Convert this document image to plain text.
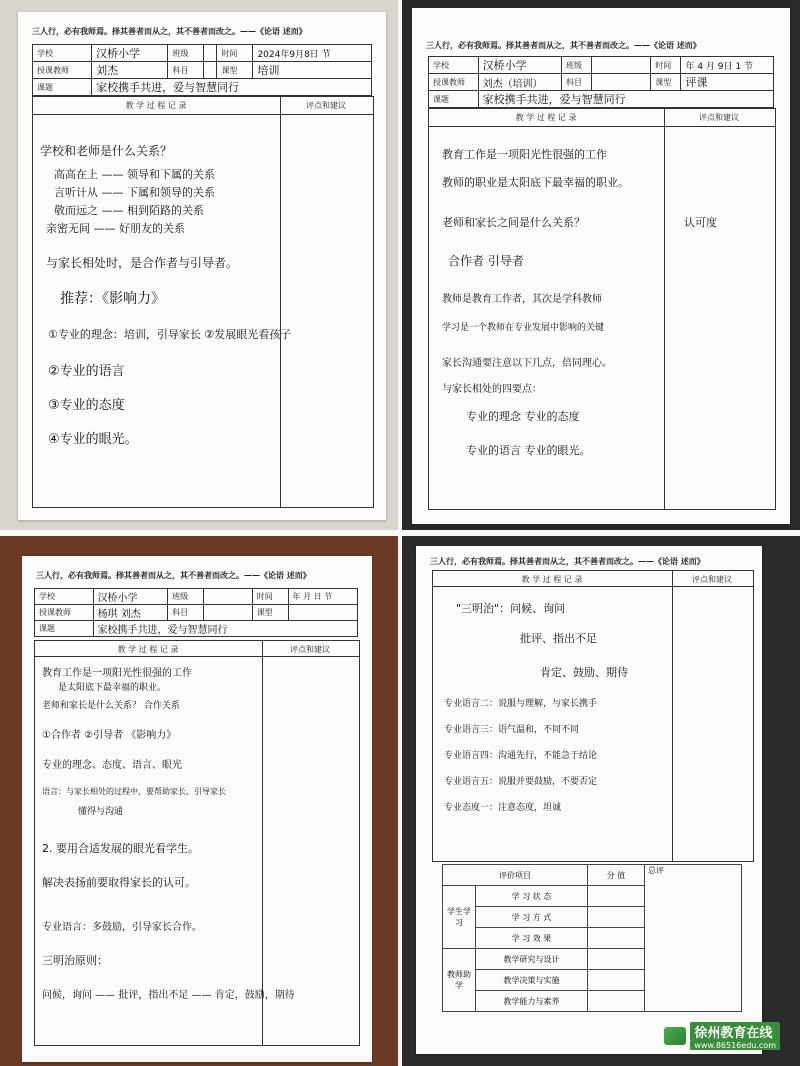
三人行，必有我师焉。择其善者而从之，其不善者而改之。——《论语 述而》
学校	汉桥小学	班级		时间	2024年9月8日 节
授课教师	刘杰	科目		课型	培训
课题	家校携手共进，爱与智慧同行				
教 学 过 程 记 录	评点和建议
学校和老师是什么关系？
高高在上 —— 领导和下属的关系
言听计从 —— 下属和领导的关系
敬而远之 —— 相到陌路的关系
亲密无间 —— 好朋友的关系
与家长相处时，是合作者与引导者。
推荐：《影响力》
①专业的理念：培训，引导家长 ②发展眼光看孩子
②专业的语言
③专业的态度
④专业的眼光。
三人行，必有我师焉。择其善者而从之，其不善者而改之。——《论语 述而》
学校	汉桥小学	班级		时间	年 4 月 9日 1 节
授课教师	刘杰（培训）	科目		课型	评课
课题	家校携手共进，爱与智慧同行				
教 学 过 程 记 录	评点和建议
教育工作是一项阳光性很强的工作
教师的职业是太阳底下最幸福的职业。
老师和家长之间是什么关系？
合作者 引导者
教师是教育工作者，其次是学科教师
学习是一个教师在专业发展中影响的关键
家长沟通要注意以下几点，倍同理心。
与家长相处的四要点：
专业的理念 专业的态度
专业的语言 专业的眼光。
认可度
三人行，必有我师焉。择其善者而从之，其不善者而改之。——《论语 述而》
学校	汉桥小学	班级		时间	年 月 日 节
授课教师	杨琪 刘杰	科目		课型	
课题	家校携手共进，爱与智慧同行				
教 学 过 程 记 录	评点和建议
教育工作是一项阳光性很强的工作
是太阳底下最幸福的职业。
老师和家长是什么关系？ 合作关系
①合作者 ②引导者 《影响力》
专业的理念、态度、语言、眼光
语言：与家长相处的过程中，要帮助家长，引导家长
懂得与沟通
2. 要用合适发展的眼光看学生。
解决表扬前要取得家长的认可。
专业语言：多鼓励，引导家长合作。
三明治原则：
问候，询问 —— 批评，指出不足 —— 肯定，鼓励，期待
三人行，必有我师焉。择其善者而从之，其不善者而改之。——《论语 述而》
教 学 过 程 记 录	评点和建议
"三明治"：问候、询问
批评、指出不足
肯定、鼓励、期待
专业语言二：说服与理解，与家长携手
专业语言三：语气温和，不同不同
专业语言四：沟通先行，不能急于结论
专业语言五：说服并要鼓励，不要否定
专业态度一：注意态度，坦诚
评价项目		分 值	总评
学生学习	学 习 状 态		
	学 习 方 式		
	学 习 效 果		
教师助学	教学研究与设计		
	教学决策与实施		
	教学能力与素养		
徐州教育在线
www.86516edu.com
